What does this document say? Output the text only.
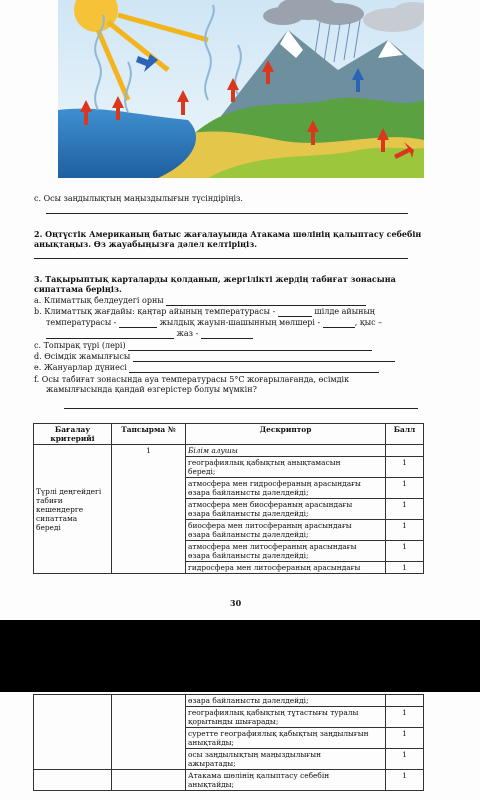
c. Осы заңдылықтың маңыздылығын түсіндіріңіз.
2. Оңтүстік Американың батыс жағалауында Атакама шөлінің қалыптасу себебін
анықтаңыз. Өз жауабыңызға дәлел келтіріңіз.
3. Тақырыптық карталарды қолданып, жергілікті жердің табиғат зонасына
сипаттама беріңіз.
a. Климаттық белдеудегі орны
b. Климаттық жағдайы: қаңтар айының температурасы -	шілде айының
температурасы -	жылдық жауын-шашынның мөлшері -	, қыс –
жаз -
c. Топырақ түрі (лері)
d. Өсімдік жамылғысы
e. Жануарлар дүниесі
f. Осы табиғат зонасында ауа температурасы 5°C жоғарылағанда, өсімдік
жамылғысында қандай өзгерістер болуы мүмкін?
Бағалау
критерийі	Тапсырма №	Дескриптор	Балл
Түрлі деңгейдегі
табиғи
кешендерге
сипаттама
береді	1	Білім алушы	
		географиялық қабықтың анықтамасын
береді;	1
		атмосфера мен гидросфераның арасындағы
өзара байланысты дәлелдейді;	1
		атмосфера мен биосфераның арасындағы
өзара байланысты дәлелдейді;	1
		биосфера мен литосфераның арасындағы
өзара байланысты дәлелдейді;	1
		атмосфера мен литосфераның арасындағы
өзара байланысты дәлелдейді;	1
		гидросфера мен литосфераның арасындағы	1
30
		өзара байланысты дәлелдейді;	
		географиялық қабықтың тұтастығы туралы
қорытынды шығарады;	1
		суретте географиялық қабықтың заңдылығын
анықтайды;	1
		осы заңдылықтың маңыздылығын
ажыратады;	1
		Атакама шөлінің қалыптасу себебін
анықтайды;	1
